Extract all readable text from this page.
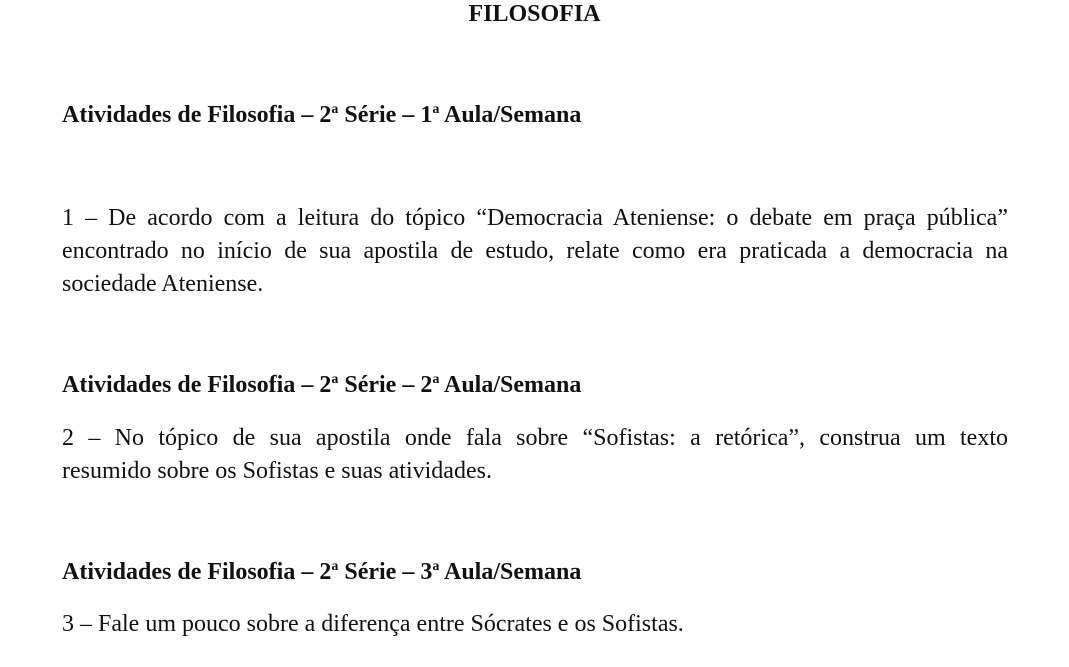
FILOSOFIA
Atividades de Filosofia – 2$^a$ Série – 1$^a$ Aula/Semana
1 – De acordo com a leitura do tópico “Democracia Ateniense: o debate em praça pública”
encontrado no início de sua apostila de estudo, relate como era praticada a democracia na
sociedade Ateniense.
Atividades de Filosofia – 2$^a$ Série – 2$^a$ Aula/Semana
2 – No tópico de sua apostila onde fala sobre “Sofistas: a retórica”, construa um texto
resumido sobre os Sofistas e suas atividades.
Atividades de Filosofia – 2$^a$ Série – 3$^a$ Aula/Semana
3 – Fale um pouco sobre a diferença entre Sócrates e os Sofistas.
